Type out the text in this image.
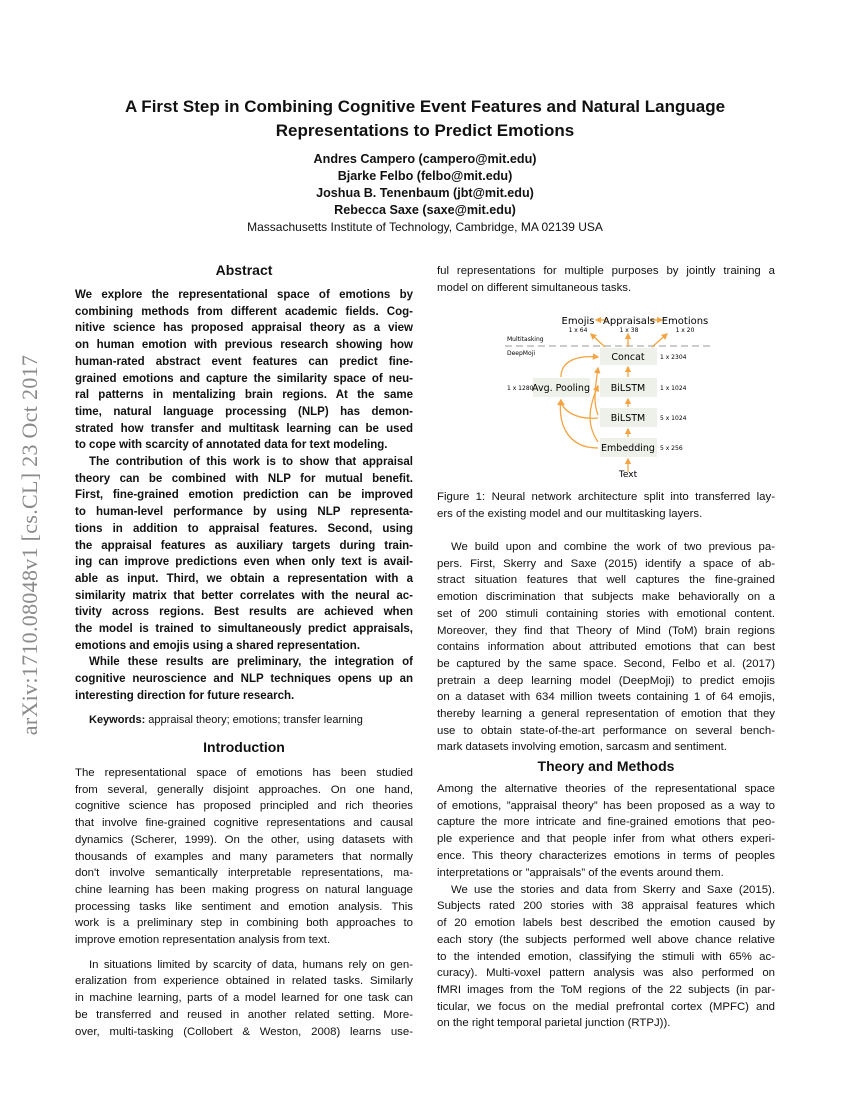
arXiv:1710.08048v1 [cs.CL] 23 Oct 2017
A First Step in Combining Cognitive Event Features and Natural Language
Representations to Predict Emotions
Andres Campero (campero@mit.edu)
Bjarke Felbo (felbo@mit.edu)
Joshua B. Tenenbaum (jbt@mit.edu)
Rebecca Saxe (saxe@mit.edu)
Massachusetts Institute of Technology, Cambridge, MA 02139 USA
Abstract
We explore the representational space of emotions by
combining methods from different academic fields. Cog-
nitive science has proposed appraisal theory as a view
on human emotion with previous research showing how
human-rated abstract event features can predict fine-
grained emotions and capture the similarity space of neu-
ral patterns in mentalizing brain regions. At the same
time, natural language processing (NLP) has demon-
strated how transfer and multitask learning can be used
to cope with scarcity of annotated data for text modeling.
The contribution of this work is to show that appraisal
theory can be combined with NLP for mutual benefit.
First, fine-grained emotion prediction can be improved
to human-level performance by using NLP representa-
tions in addition to appraisal features. Second, using
the appraisal features as auxiliary targets during train-
ing can improve predictions even when only text is avail-
able as input. Third, we obtain a representation with a
similarity matrix that better correlates with the neural ac-
tivity across regions. Best results are achieved when
the model is trained to simultaneously predict appraisals,
emotions and emojis using a shared representation.
While these results are preliminary, the integration of
cognitive neuroscience and NLP techniques opens up an
interesting direction for future research.
Keywords: appraisal theory; emotions; transfer learning
Introduction
The representational space of emotions has been studied
from several, generally disjoint approaches. On one hand,
cognitive science has proposed principled and rich theories
that involve fine-grained cognitive representations and causal
dynamics (Scherer, 1999). On the other, using datasets with
thousands of examples and many parameters that normally
don't involve semantically interpretable representations, ma-
chine learning has been making progress on natural language
processing tasks like sentiment and emotion analysis. This
work is a preliminary step in combining both approaches to
improve emotion representation analysis from text.
In situations limited by scarcity of data, humans rely on gen-
eralization from experience obtained in related tasks. Similarly
in machine learning, parts of a model learned for one task can
be transferred and reused in another related setting. More-
over, multi-tasking (Collobert & Weston, 2008) learns use-
ful representations for multiple purposes by jointly training a
model on different simultaneous tasks.
Figure 1: Neural network architecture split into transferred lay-
ers of the existing model and our multitasking layers.
We build upon and combine the work of two previous pa-
pers. First, Skerry and Saxe (2015) identify a space of ab-
stract situation features that well captures the fine-grained
emotion discrimination that subjects make behaviorally on a
set of 200 stimuli containing stories with emotional content.
Moreover, they find that Theory of Mind (ToM) brain regions
contains information about attributed emotions that can best
be captured by the same space. Second, Felbo et al. (2017)
pretrain a deep learning model (DeepMoji) to predict emojis
on a dataset with 634 million tweets containing 1 of 64 emojis,
thereby learning a general representation of emotion that they
use to obtain state-of-the-art performance on several bench-
mark datasets involving emotion, sarcasm and sentiment.
Among the alternative theories of the representational space
of emotions, ”appraisal theory” has been proposed as a way to
capture the more intricate and fine-grained emotions that peo-
ple experience and that people infer from what others experi-
ence. This theory characterizes emotions in terms of peoples
interpretations or ”appraisals” of the events around them.
We use the stories and data from Skerry and Saxe (2015).
Subjects rated 200 stories with 38 appraisal features which
of 20 emotion labels best described the emotion caused by
each story (the subjects performed well above chance relative
to the intended emotion, classifying the stimuli with 65% ac-
curacy). Multi-voxel pattern analysis was also performed on
fMRI images from the ToM regions of the 22 subjects (in par-
ticular, we focus on the medial prefrontal cortex (MPFC) and
on the right temporal parietal junction (RTPJ)).
Emojis
1 x 64
Appraisals
1 x 38
Emotions
1 x 20
Multitasking
DeepMoji	Concat	1 x 2304
BiLSTM 1 x 1024
BiLSTM 5 x 1024
Embedding 5 x 256
Avg. Pooling
1 x 1280
Text
Theory and Methods
